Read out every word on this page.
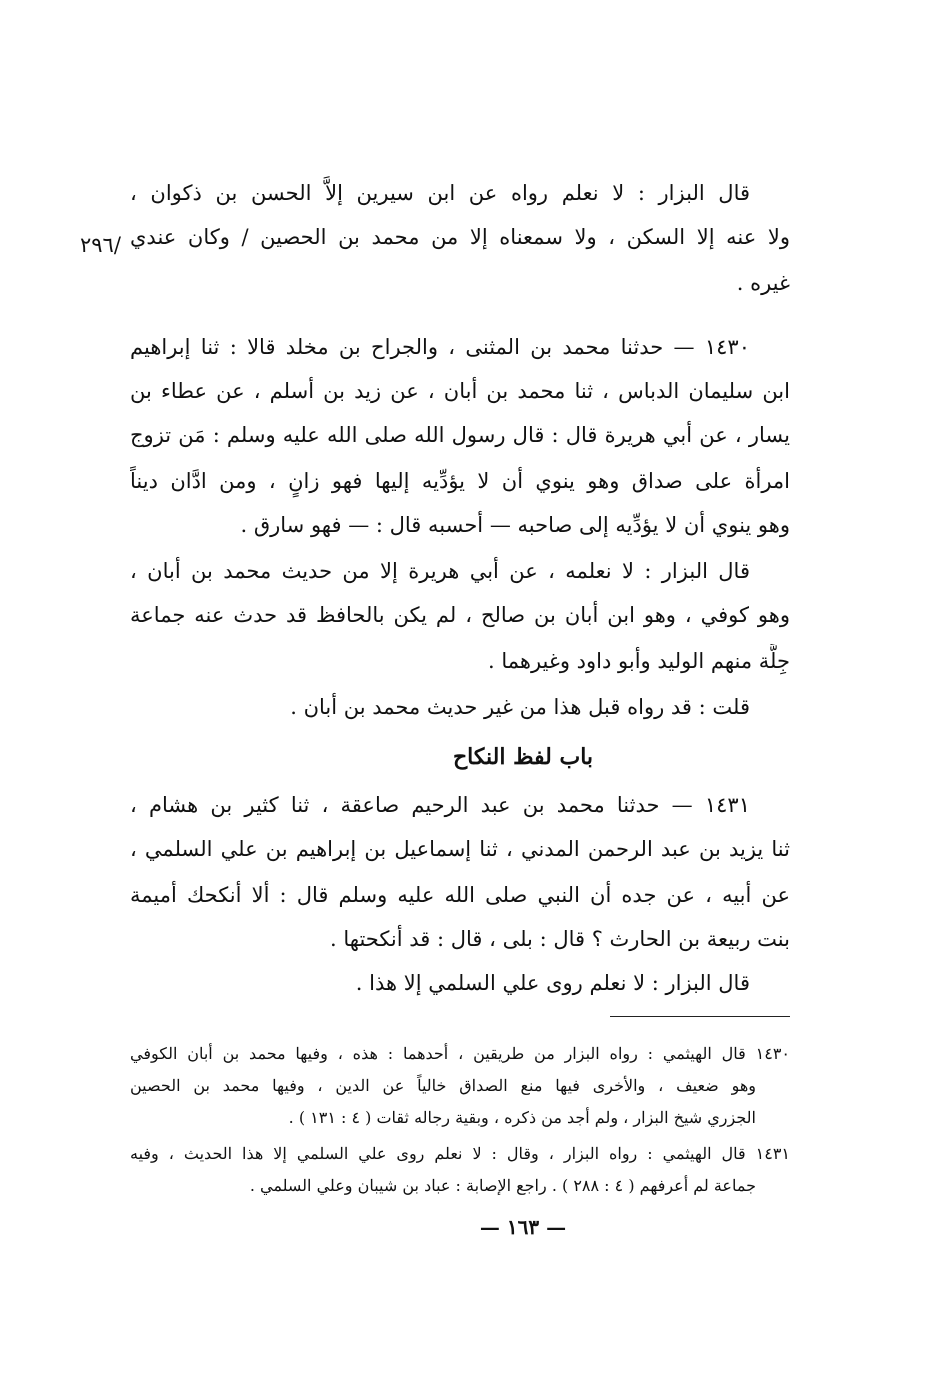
قال البزار : لا نعلم رواه عن ابن سيرين إلاَّ الحسن بن ذكوان ،
ولا عنه إلا السكن ، ولا سمعناه إلا من محمد بن الحصين / وكان عندي
غيره .
٢٩٦/
١٤٣٠ — حدثنا محمد بن المثنى ، والجراح بن مخلد قالا : ثنا إبراهيم
ابن سليمان الدباس ، ثنا محمد بن أبان ، عن زيد بن أسلم ، عن عطاء بن
يسار ، عن أبي هريرة قال : قال رسول الله صلى الله عليه وسلم : مَن تزوج
امرأة على صداق وهو ينوي أن لا يؤدِّيه إليها فهو زانٍ ، ومن ادَّان ديناً
وهو ينوي أن لا يؤدِّيه إلى صاحبه — أحسبه قال : — فهو سارق .
قال البزار : لا نعلمه ، عن أبي هريرة إلا من حديث محمد بن أبان ،
وهو كوفي ، وهو ابن أبان بن صالح ، لم يكن بالحافظ قد حدث عنه جماعة
جِلَّة منهم الوليد وأبو داود وغيرهما .
قلت : قد رواه قبل هذا من غير حديث محمد بن أبان .
باب لفظ النكاح
١٤٣١ — حدثنا محمد بن عبد الرحيم صاعقة ، ثنا كثير بن هشام ،
ثنا يزيد بن عبد الرحمن المدني ، ثنا إسماعيل بن إبراهيم بن علي السلمي ،
عن أبيه ، عن جده أن النبي صلى الله عليه وسلم قال : ألا أنكحك أميمة
بنت ربيعة بن الحارث ؟ قال : بلى ، قال : قد أنكحتها .
قال البزار : لا نعلم روى علي السلمي إلا هذا .
١٤٣٠ قال الهيثمي : رواه البزار من طريقين ، أحدهما : هذه ، وفيها محمد بن أبان الكوفي
وهو ضعيف ، والأخرى فيها منع الصداق خالياً عن الدين ، وفيها محمد بن الحصين
الجزري شيخ البزار ، ولم أجد من ذكره ، وبقية رجاله ثقات ( ٤ : ١٣١ ) .
١٤٣١ قال الهيثمي : رواه البزار ، وقال : لا نعلم روى علي السلمي إلا هذا الحديث ، وفيه
جماعة لم أعرفهم ( ٤ : ٢٨٨ ) . راجع الإصابة : عباد بن شيبان وعلي السلمي .
— ١٦٣ —
